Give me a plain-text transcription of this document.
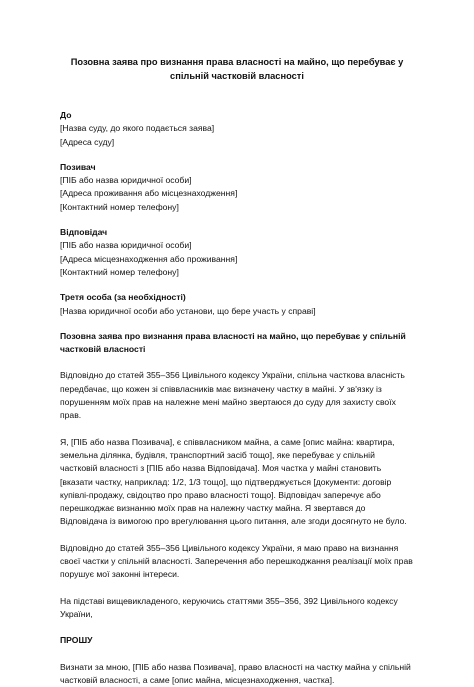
Позовна заява про визнання права власності на майно, що перебуває у спільній частковій власності

До

[Назва суду, до якого подається заява]

[Адреса суду]

Позивач

[ПІБ або назва юридичної особи]

[Адреса проживання або місцезнаходження]

[Контактний номер телефону]

Відповідач

[ПІБ або назва юридичної особи]

[Адреса місцезнаходження або проживання]

[Контактний номер телефону]

Третя особа (за необхідності)

[Назва юридичної особи або установи, що бере участь у справі]

Позовна заява про визнання права власності на майно, що перебуває у спільній частковій власності

Відповідно до статей 355–356 Цивільного кодексу України, спільна часткова власність передбачає, що кожен зі співвласників має визначену частку в майні. У зв'язку із порушенням моїх прав на належне мені майно звертаюся до суду для захисту своїх прав.

Я, [ПІБ або назва Позивача], є співвласником майна, а саме [опис майна: квартира, земельна ділянка, будівля, транспортний засіб тощо], яке перебуває у спільній частковій власності з [ПІБ або назва Відповідача]. Моя частка у майні становить [вказати частку, наприклад: 1/2, 1/3 тощо], що підтверджується [документи: договір купівлі-продажу, свідоцтво про право власності тощо]. Відповідач заперечує або перешкоджає визнанню моїх прав на належну частку майна. Я звертався до Відповідача із вимогою про врегулювання цього питання, але згоди досягнуто не було.

Відповідно до статей 355–356 Цивільного кодексу України, я маю право на визнання своєї частки у спільній власності. Заперечення або перешкоджання реалізації моїх прав порушує мої законні інтереси.

На підставі вищевикладеного, керуючись статтями 355–356, 392 Цивільного кодексу України,

ПРОШУ

Визнати за мною, [ПІБ або назва Позивача], право власності на частку майна у спільній частковій власності, а саме [опис майна, місцезнаходження, частка].
